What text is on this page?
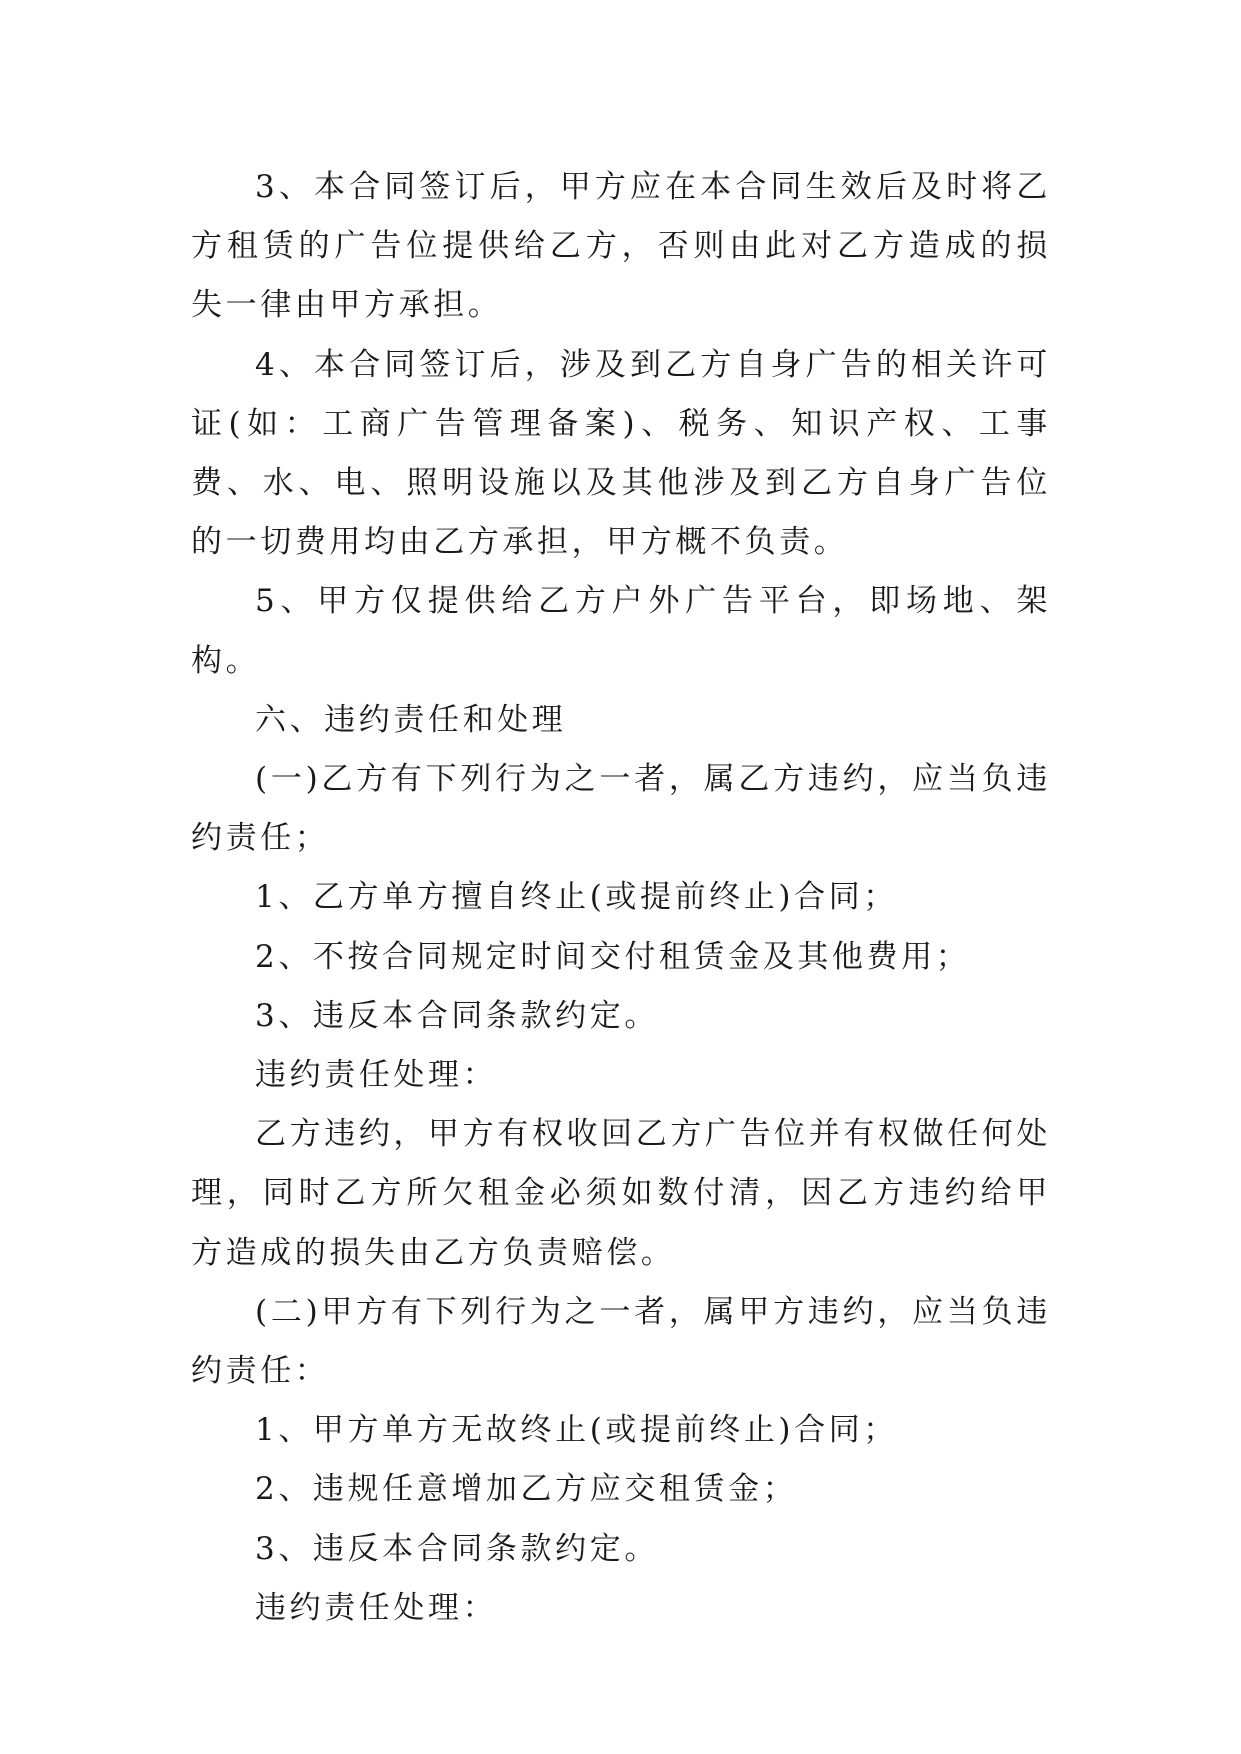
3、本合同签订后，甲方应在本合同生效后及时将乙方租赁的广告位提供给乙方，否则由此对乙方造成的损失一律由甲方承担。

4、本合同签订后，涉及到乙方自身广告的相关许可证(如：工商广告管理备案)、税务、知识产权、工事费、水、电、照明设施以及其他涉及到乙方自身广告位的一切费用均由乙方承担，甲方概不负责。

5、甲方仅提供给乙方户外广告平台，即场地、架构。

六、违约责任和处理

(一)乙方有下列行为之一者，属乙方违约，应当负违约责任；

1、乙方单方擅自终止(或提前终止)合同；

2、不按合同规定时间交付租赁金及其他费用；

3、违反本合同条款约定。

违约责任处理：

乙方违约，甲方有权收回乙方广告位并有权做任何处理，同时乙方所欠租金必须如数付清，因乙方违约给甲方造成的损失由乙方负责赔偿。

(二)甲方有下列行为之一者，属甲方违约，应当负违约责任：

1、甲方单方无故终止(或提前终止)合同；

2、违规任意增加乙方应交租赁金；

3、违反本合同条款约定。

违约责任处理：
